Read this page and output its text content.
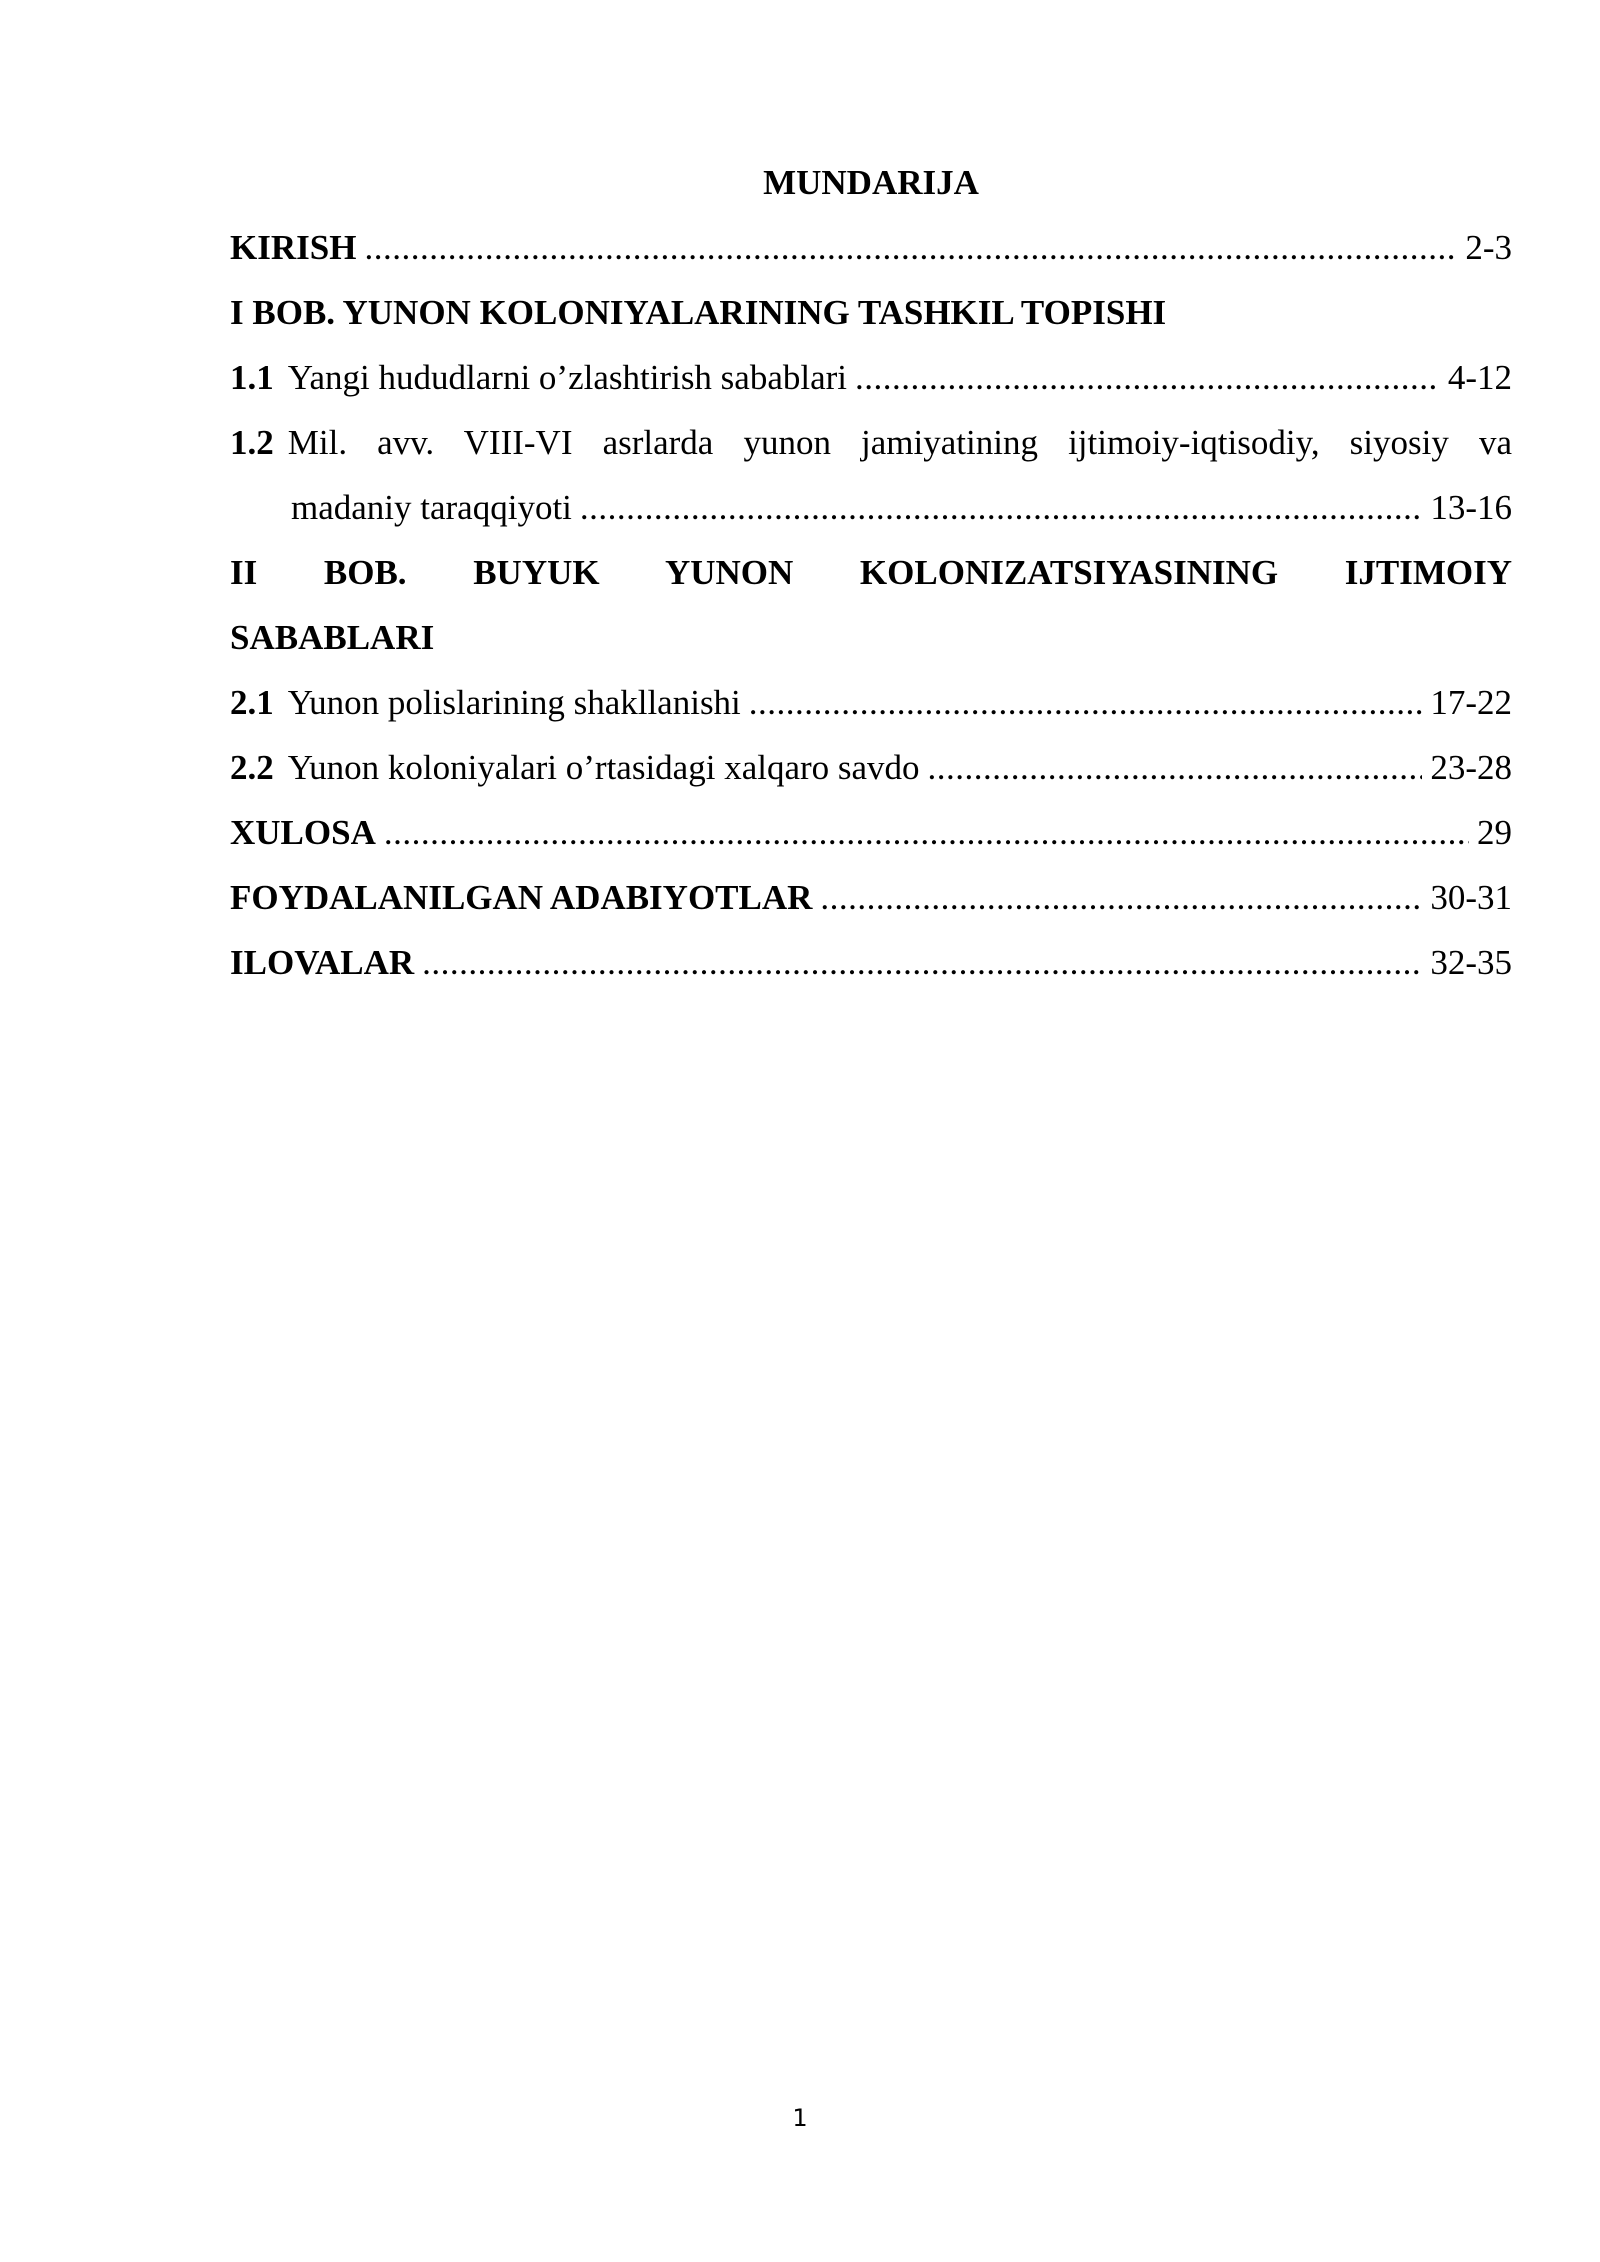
MUNDARIJA
KIRISH .....	2-3
I BOB. YUNON KOLONIYALARINING TASHKIL TOPISHI
1.1 Yangi hududlarni o’zlashtirish sabablari .....	4-12
1.2 Mil. avv. VIII-VI asrlarda yunon jamiyatining ijtimoiy-iqtisodiy, siyosiy va
madaniy taraqqiyoti .....	13-16
II BOB. BUYUK YUNON KOLONIZATSIYASINING IJTIMOIY
SABABLARI
2.1 Yunon polislarining shakllanishi .....	17-22
2.2 Yunon koloniyalari o’rtasidagi xalqaro savdo .....	23-28
XULOSA .....	29
FOYDALANILGAN ADABIYOTLAR .....	30-31
ILOVALAR .....	32-35
1
